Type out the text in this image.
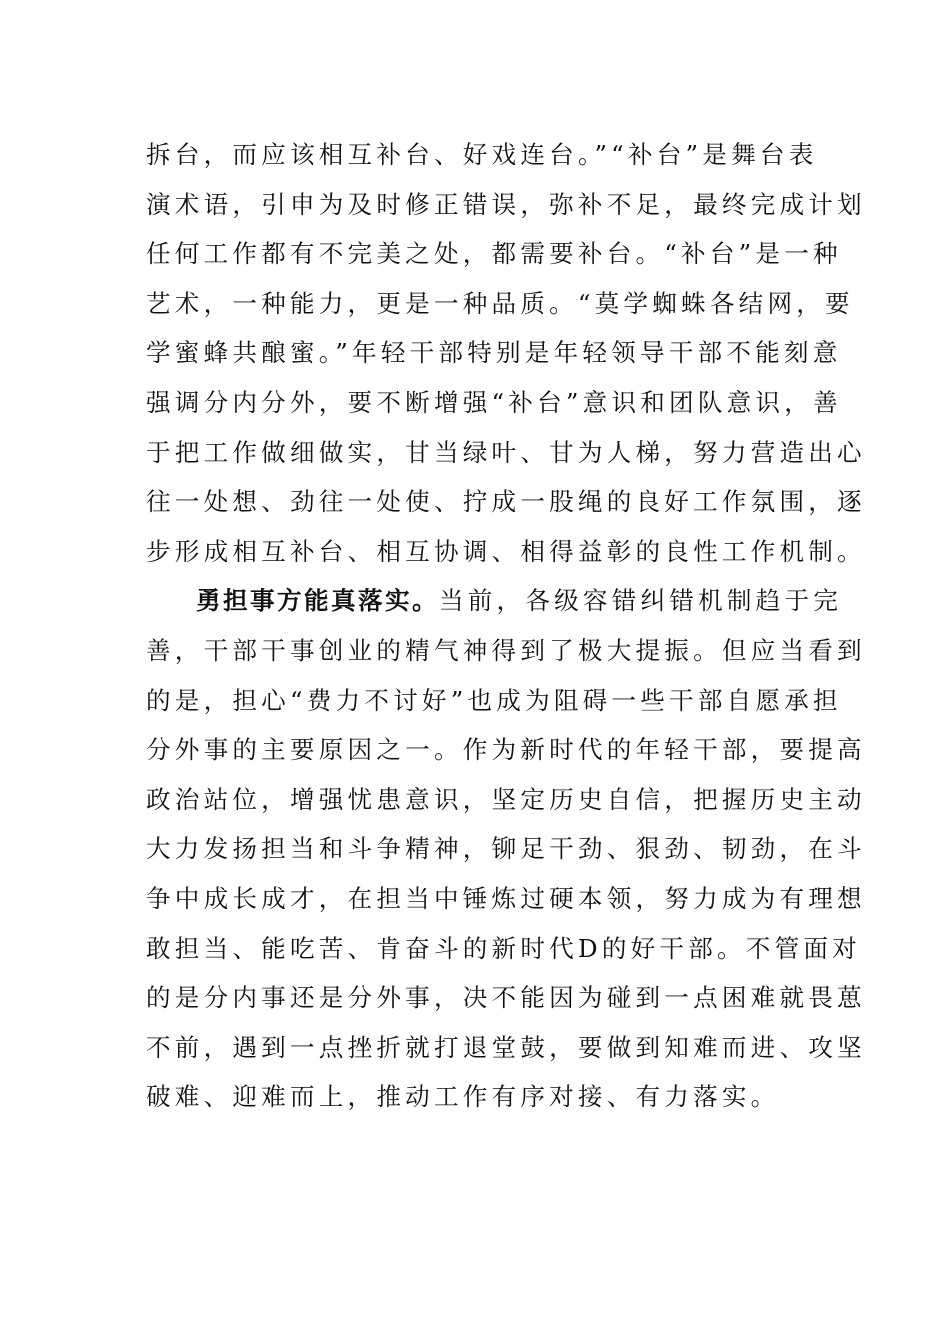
拆台，而应该相互补台、好戏连台。”“补台”是舞台表
演术语，引申为及时修正错误，弥补不足，最终完成计划
任何工作都有不完美之处，都需要补台。“补台”是一种
艺术，一种能力，更是一种品质。“莫学蜘蛛各结网，要
学蜜蜂共酿蜜。”年轻干部特别是年轻领导干部不能刻意
强调分内分外，要不断增强“补台”意识和团队意识，善
于把工作做细做实，甘当绿叶、甘为人梯，努力营造出心
往一处想、劲往一处使、拧成一股绳的良好工作氛围，逐
步形成相互补台、相互协调、相得益彰的良性工作机制。
勇担事方能真落实。当前，各级容错纠错机制趋于完
善，干部干事创业的精气神得到了极大提振。但应当看到
的是，担心“费力不讨好”也成为阻碍一些干部自愿承担
分外事的主要原因之一。作为新时代的年轻干部，要提高
政治站位，增强忧患意识，坚定历史自信，把握历史主动
大力发扬担当和斗争精神，铆足干劲、狠劲、韧劲，在斗
争中成长成才，在担当中锤炼过硬本领，努力成为有理想
敢担当、能吃苦、肯奋斗的新时代D的好干部。不管面对
的是分内事还是分外事，决不能因为碰到一点困难就畏葸
不前，遇到一点挫折就打退堂鼓，要做到知难而进、攻坚
破难、迎难而上，推动工作有序对接、有力落实。
